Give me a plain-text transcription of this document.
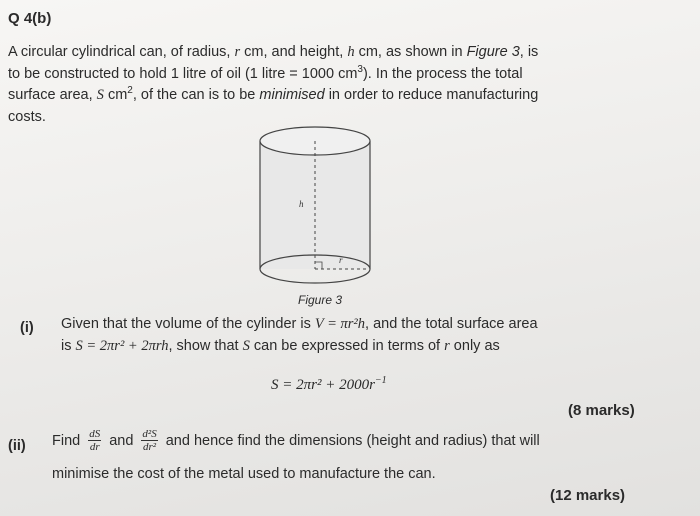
Q 4(b)

A circular cylindrical can, of radius, r cm, and height, h cm, as shown in Figure 3, is

to be constructed to hold 1 litre of oil (1 litre = 1000 $cm^3$). In the process the total

surface area, S $cm^2$, of the can is to be minimised in order to reduce manufacturing

costs.

h
r
Figure 3
(i) Given that the volume of the cylinder is V = πr²h, and the total surface area
is S = 2πr² + 2πrh, show that S can be expressed in terms of r only as
$S = 2\pi r^2 + 2000r^{-1}$
(8 marks)
(ii) Find $\frac{dS}{dr}$ and $\frac{\text{d²S}}{\text{dr²}}$ and hence find the dimensions (height and radius) that will
minimise the cost of the metal used to manufacture the can.
(12 marks)
